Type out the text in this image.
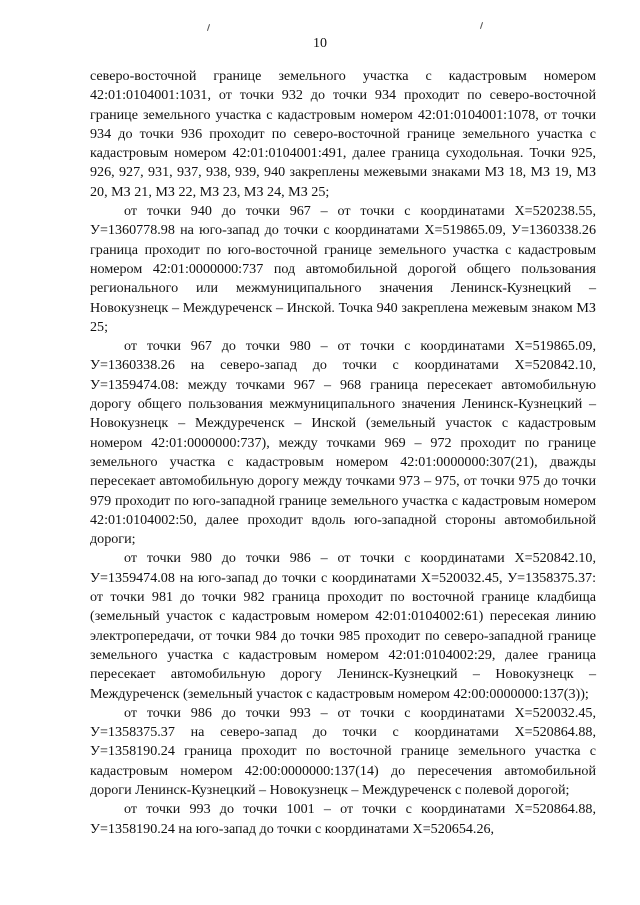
10

северо-восточной границе земельного участка с кадастровым номером 42:01:0104001:1031, от точки 932 до точки 934 проходит по северо-восточной границе земельного участка с кадастровым номером 42:01:0104001:1078, от точки 934 до точки 936 проходит по северо-восточной границе земельного участка с кадастровым номером 42:01:0104001:491, далее граница суходольная. Точки 925, 926, 927, 931, 937, 938, 939, 940 закреплены межевыми знаками МЗ 18, МЗ 19, МЗ 20, МЗ 21, МЗ 22, МЗ 23, МЗ 24, МЗ 25;

от точки 940 до точки 967 – от точки с координатами X=520238.55, У=1360778.98 на юго-запад до точки с координатами X=519865.09, У=1360338.26 граница проходит по юго-восточной границе земельного участка с кадастровым номером 42:01:0000000:737 под автомобильной дорогой общего пользования регионального или межмуниципального значения Ленинск-Кузнецкий – Новокузнецк – Междуреченск – Инской. Точка 940 закреплена межевым знаком МЗ 25;

от точки 967 до точки 980 – от точки с координатами X=519865.09, У=1360338.26 на северо-запад до точки с координатами X=520842.10, У=1359474.08: между точками 967 – 968 граница пересекает автомобильную дорогу общего пользования межмуниципального значения Ленинск-Кузнецкий – Новокузнецк – Междуреченск – Инской (земельный участок с кадастровым номером 42:01:0000000:737), между точками 969 – 972 проходит по границе земельного участка с кадастровым номером 42:01:0000000:307(21), дважды пересекает автомобильную дорогу между точками 973 – 975, от точки 975 до точки 979 проходит по юго-западной границе земельного участка с кадастровым номером 42:01:0104002:50, далее проходит вдоль юго-западной стороны автомобильной дороги;

от точки 980 до точки 986 – от точки с координатами X=520842.10, У=1359474.08 на юго-запад до точки с координатами X=520032.45, У=1358375.37: от точки 981 до точки 982 граница проходит по восточной границе кладбища (земельный участок с кадастровым номером 42:01:0104002:61) пересекая линию электропередачи, от точки 984 до точки 985 проходит по северо-западной границе земельного участка с кадастровым номером 42:01:0104002:29, далее граница пересекает автомобильную дорогу Ленинск-Кузнецкий – Новокузнецк – Междуреченск (земельный участок с кадастровым номером 42:00:0000000:137(3));

от точки 986 до точки 993 – от точки с координатами X=520032.45, У=1358375.37 на северо-запад до точки с координатами X=520864.88, У=1358190.24 граница проходит по восточной границе земельного участка с кадастровым номером 42:00:0000000:137(14) до пересечения автомобильной дороги Ленинск-Кузнецкий – Новокузнецк – Междуреченск с полевой дорогой;

от точки 993 до точки 1001 – от точки с координатами X=520864.88, У=1358190.24 на юго-запад до точки с координатами X=520654.26,
